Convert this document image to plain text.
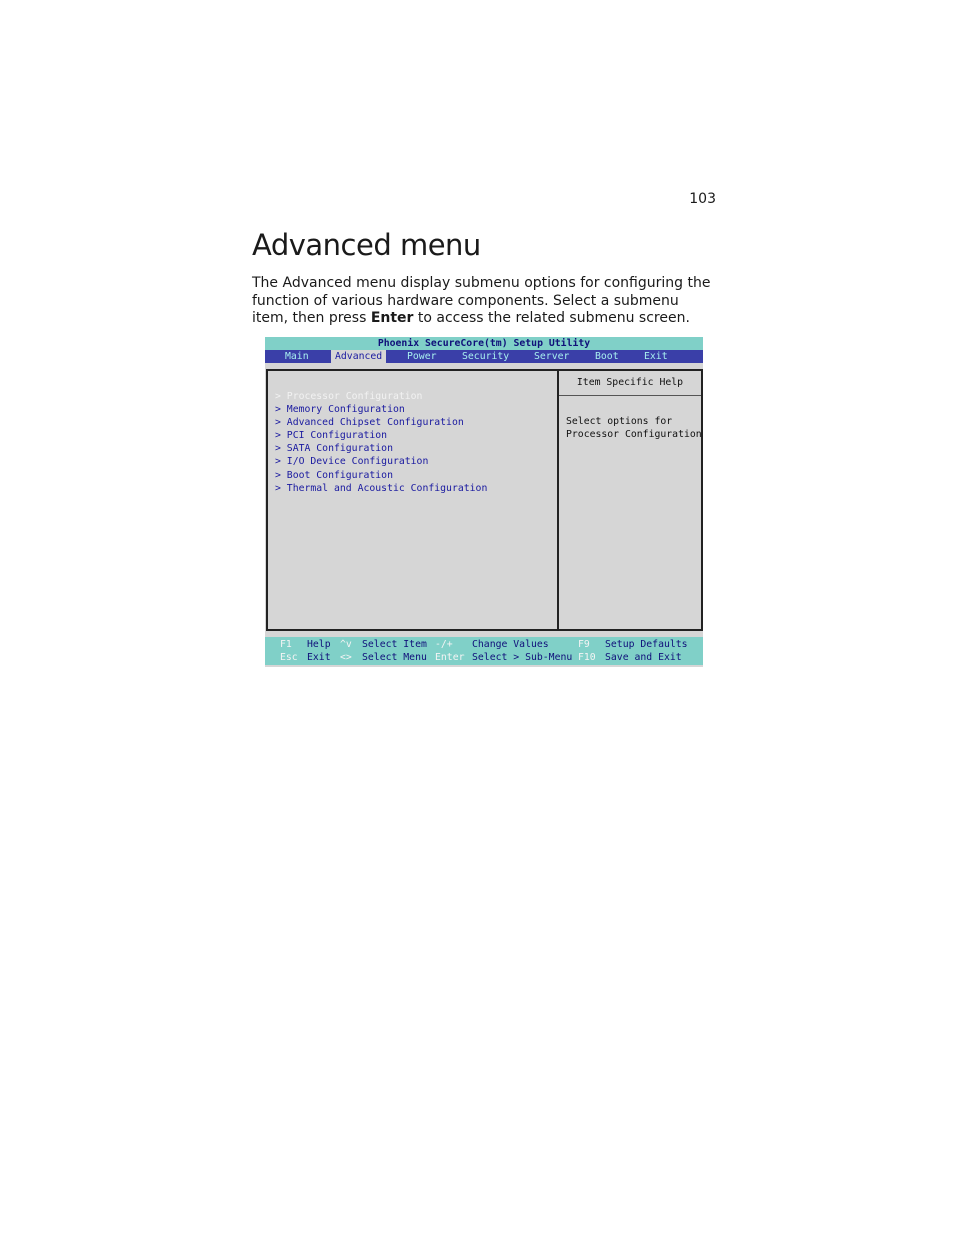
103
Advanced menu

The Advanced menu display submenu options for configuring the function of various hardware components. Select a submenu item, then press Enter to access the related submenu screen.

Phoenix SecureCore(tm) Setup Utility
Main	Advanced	Power	Security	Server	Boot	Exit
> Processor Configuration
> Memory Configuration
> Advanced Chipset Configuration
> PCI Configuration
> SATA Configuration
> I/O Device Configuration
> Boot Configuration
> Thermal and Acoustic Configuration
Item Specific Help
Select options for
Processor Configuration
F1 Help ^v Select Item -/+ Change Values	F9 Setup Defaults
Esc Exit <> Select Menu Enter Select > Sub-Menu F10 Save and Exit
